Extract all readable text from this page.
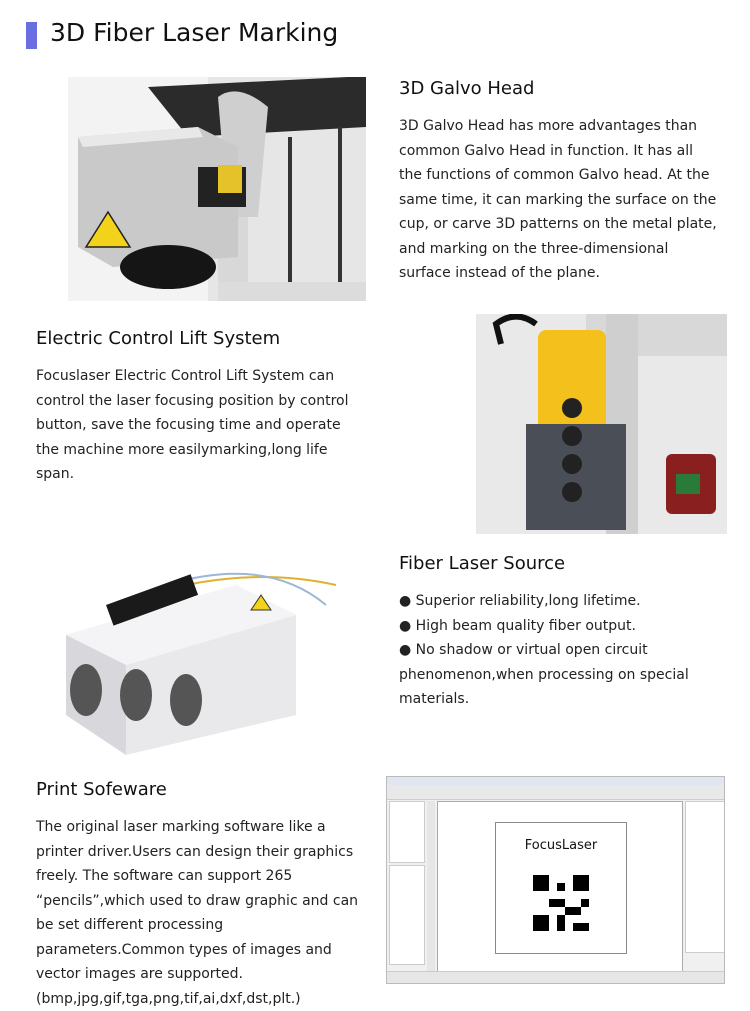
3D Fiber Laser Marking
3D Galvo Head

3D Galvo Head has more advantages than common Galvo Head in function. It has all the functions of common Galvo head. At the same time, it can marking the surface on the cup, or carve 3D patterns on the metal plate, and marking on the three-dimensional surface instead of the plane.

Electric Control Lift System

Focuslaser Electric Control Lift System can control the laser focusing position by control button, save the focusing time and operate the machine more easilymarking,long life span.

Fiber Laser Source

● Superior reliability,long lifetime.

● High beam quality fiber output.

● No shadow or virtual open circuit phenomenon,when processing on special materials.

Print Sofeware

The original laser marking software like a printer driver.Users can design their graphics freely. The software can support 265 “pencils”,which used to draw graphic and can be set different processing parameters.Common types of images and vector images are supported. (bmp,jpg,gif,tga,png,tif,ai,dxf,dst,plt.)

FocusLaser
